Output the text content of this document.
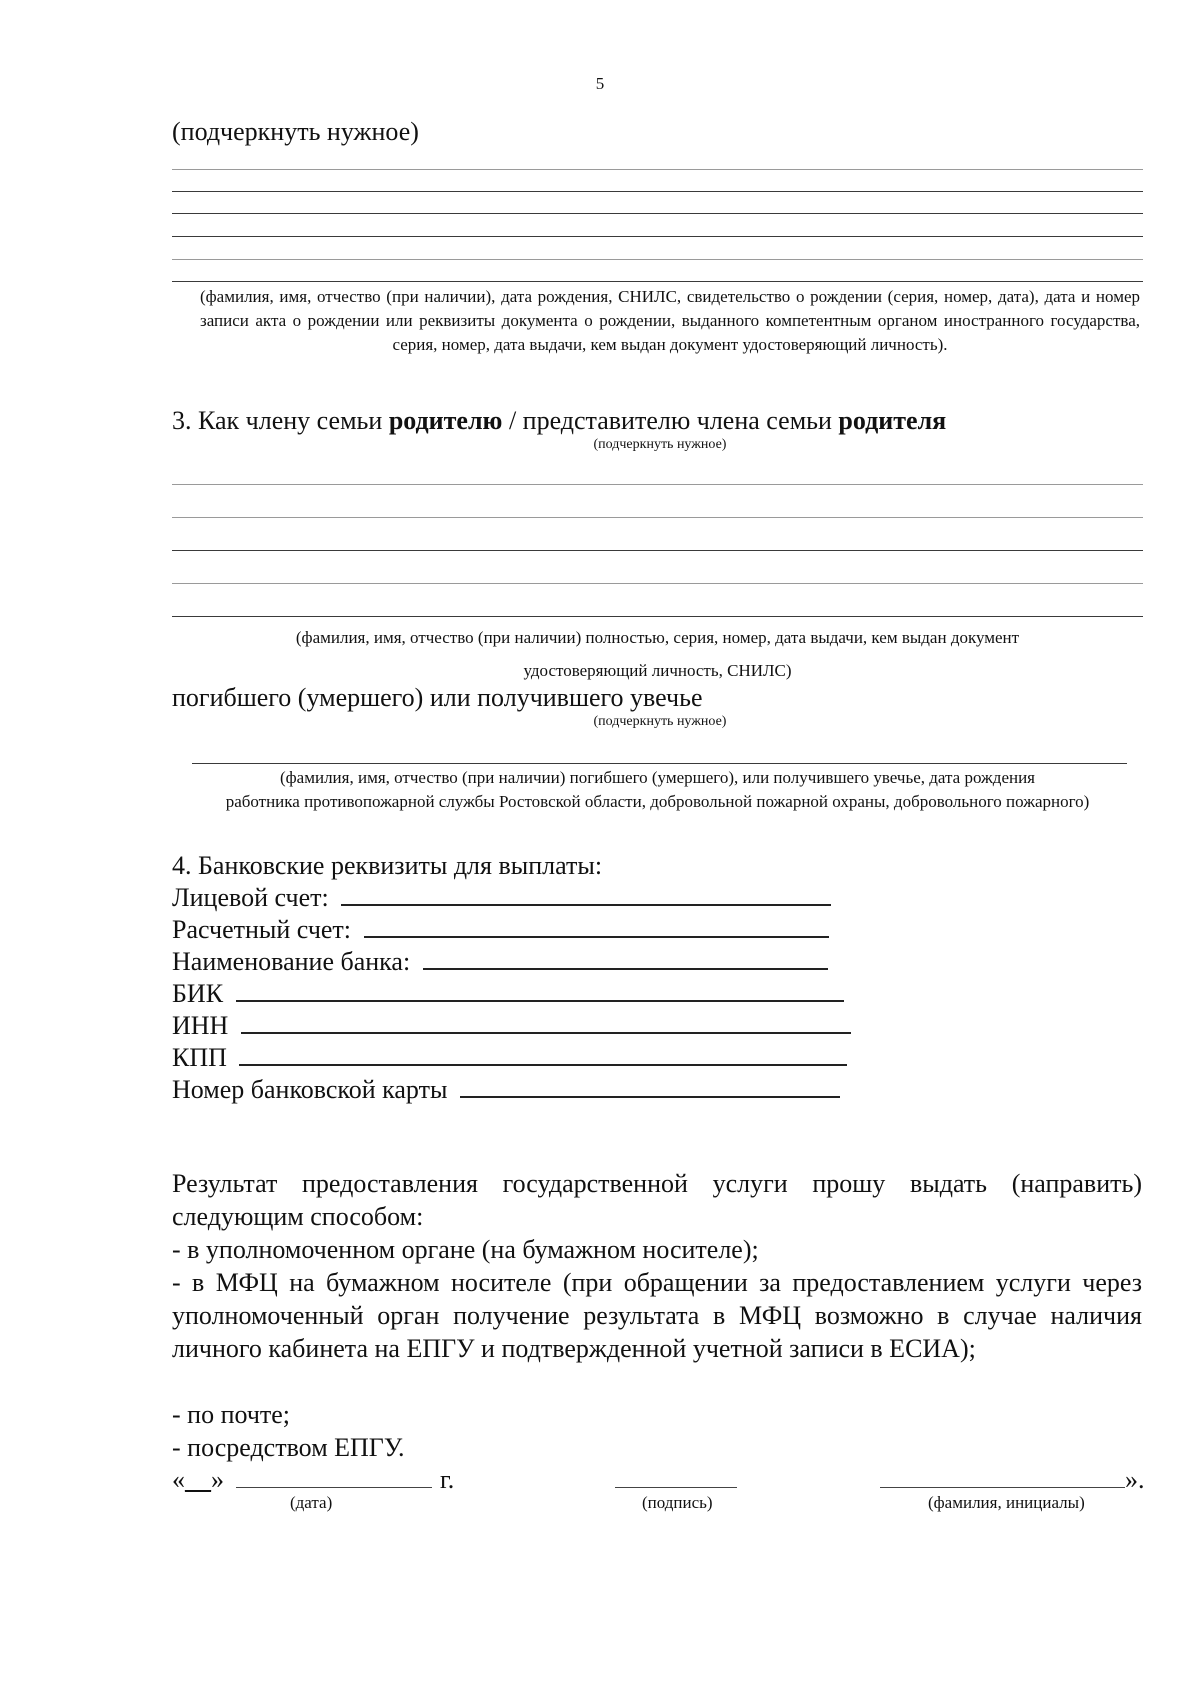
5
(подчеркнуть нужное)
(фамилия, имя, отчество (при наличии), дата рождения, СНИЛС, свидетельство о рождении (серия, номер, дата), дата и номер записи акта о рождении или реквизиты документа о рождении, выданного компетентным органом иностранного государства, серия, номер, дата выдачи, кем выдан документ удостоверяющий личность).
3. Как члену семьи родителю / представителю члена семьи родителя
(подчеркнуть нужное)
(фамилия, имя, отчество (при наличии) полностью, серия, номер, дата выдачи, кем выдан документ
удостоверяющий личность, СНИЛС)
погибшего (умершего) или получившего увечье
(подчеркнуть нужное)
(фамилия, имя, отчество (при наличии) погибшего (умершего), или получившего увечье, дата рождения
работника противопожарной службы Ростовской области, добровольной пожарной охраны, добровольного пожарного)
4. Банковские реквизиты для выплаты:
Лицевой счет:
Расчетный счет:
Наименование банка:
БИК
ИНН
КПП
Номер банковской карты
Результат предоставления государственной услуги прошу выдать (направить) следующим способом:
- в уполномоченном органе (на бумажном носителе);
- в МФЦ на бумажном носителе (при обращении за предоставлением услуги через уполномоченный орган получение результата в МФЦ возможно в случае наличия личного кабинета на ЕПГУ и подтвержденной учетной записи в ЕСИА);
- по почте;
- посредством ЕПГУ.
«__»	г.	».
(дата)	(подпись)	(фамилия, инициалы)
